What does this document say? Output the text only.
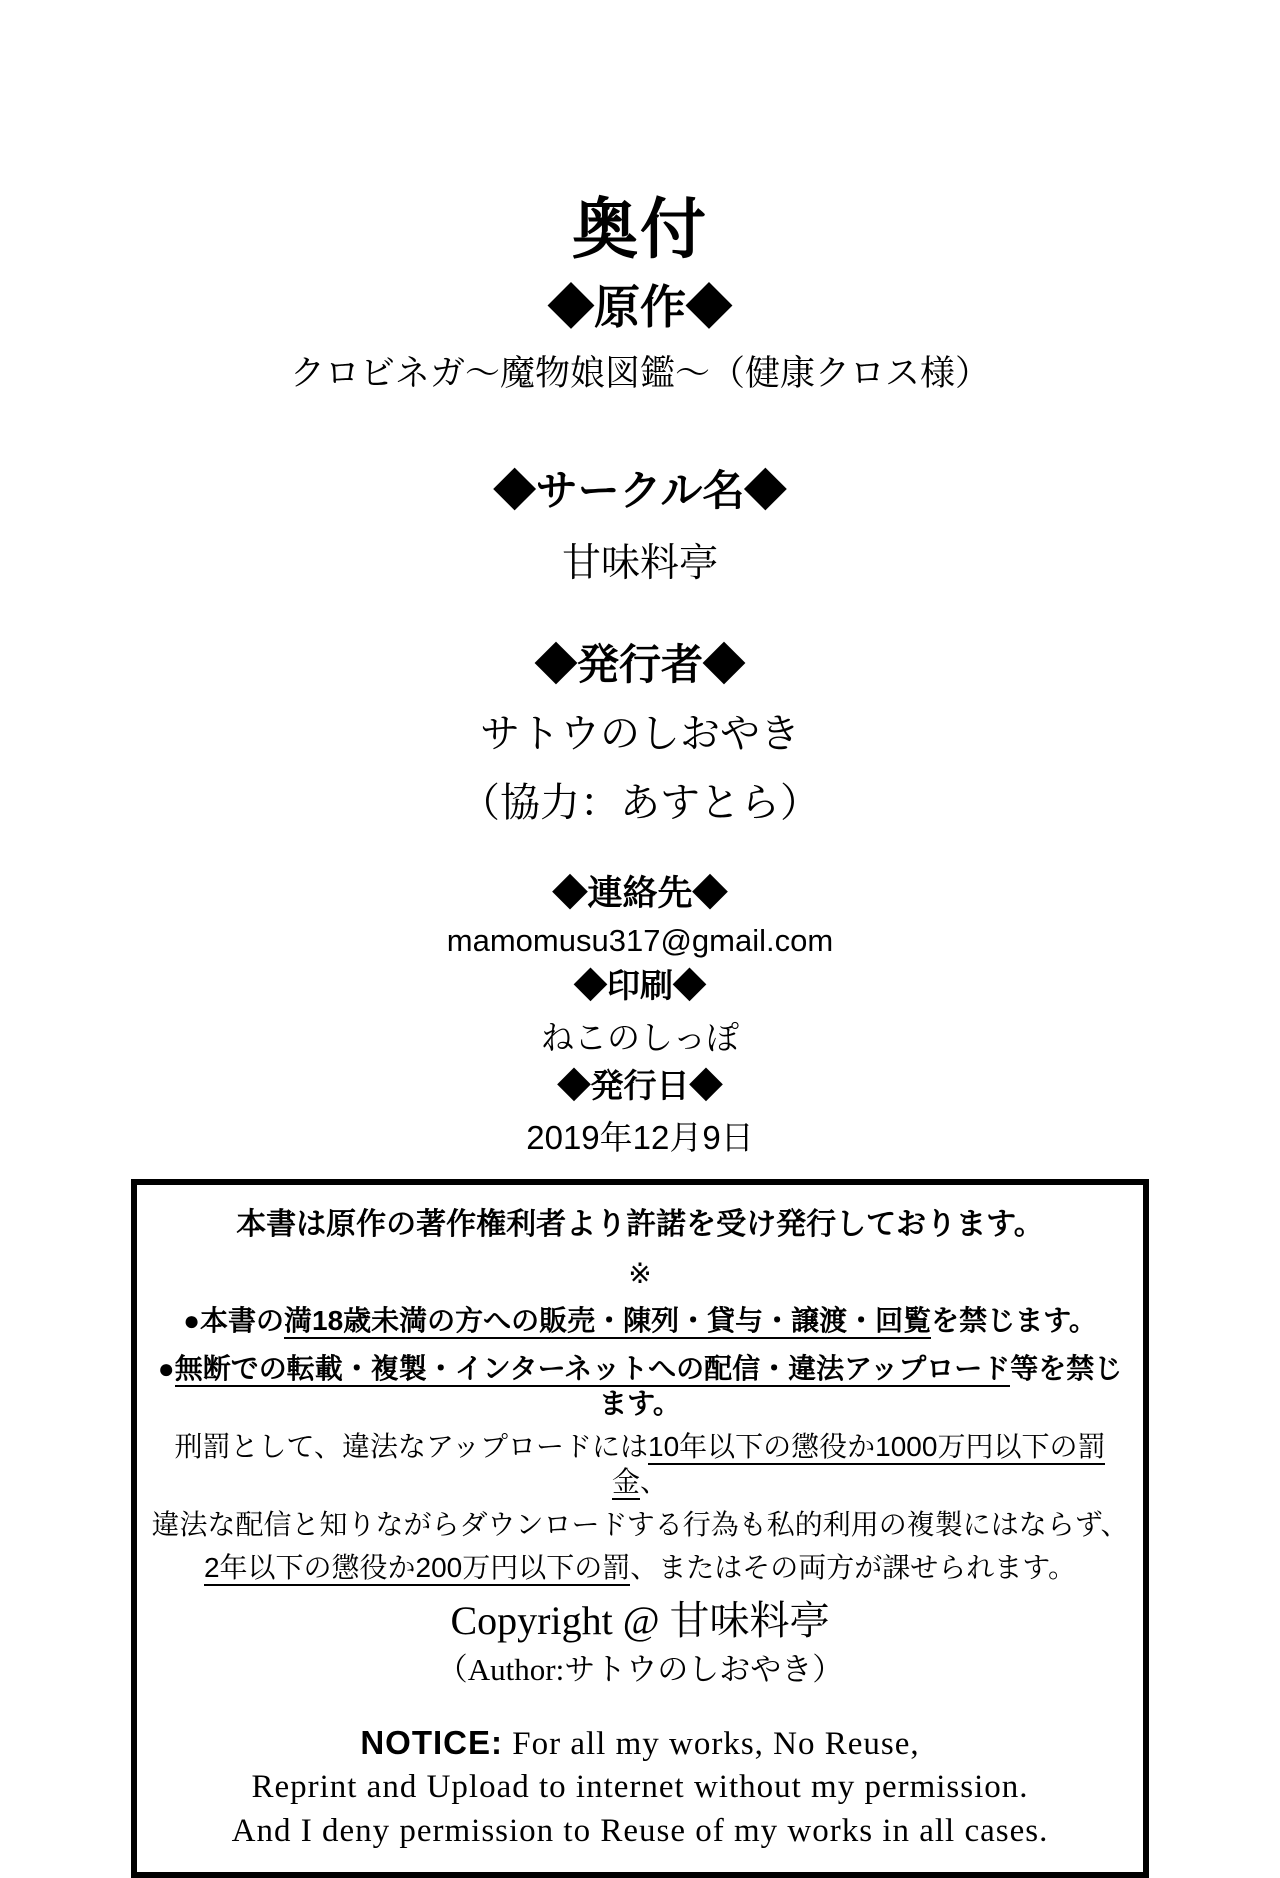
奥付
◆原作◆
クロビネガ～魔物娘図鑑～（健康クロス様）
◆サークル名◆
甘味料亭
◆発行者◆
サトウのしおやき
（協力：あすとら）
◆連絡先◆
mamomusu317@gmail.com
◆印刷◆
ねこのしっぽ
◆発行日◆
2019年12月9日
本書は原作の著作権利者より許諾を受け発行しております。
※
●本書の満18歳未満の方への販売・陳列・貸与・譲渡・回覧を禁じます。
●無断での転載・複製・インターネットへの配信・違法アップロード等を禁じます。
刑罰として、違法なアップロードには10年以下の懲役か1000万円以下の罰金、
違法な配信と知りながらダウンロードする行為も私的利用の複製にはならず、
2年以下の懲役か200万円以下の罰、またはその両方が課せられます。
Copyright @ 甘味料亭
（Author:サトウのしおやき）
NOTICE: For all my works, No Reuse,
Reprint and Upload to internet without my permission.
And I deny permission to Reuse of my works in all cases.
